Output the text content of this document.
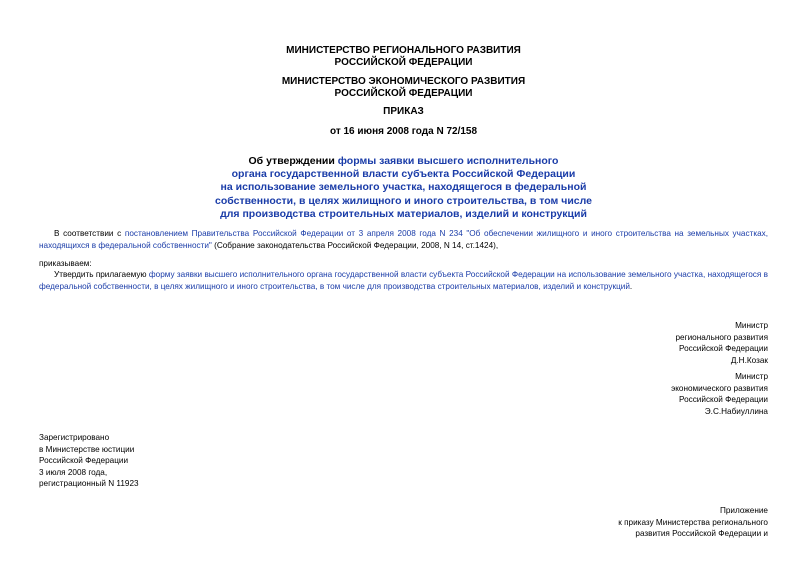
МИНИСТЕРСТВО РЕГИОНАЛЬНОГО РАЗВИТИЯ
РОССИЙСКОЙ ФЕДЕРАЦИИ
МИНИСТЕРСТВО ЭКОНОМИЧЕСКОГО РАЗВИТИЯ
РОССИЙСКОЙ ФЕДЕРАЦИИ
ПРИКАЗ
от 16 июня 2008 года N 72/158
Об утверждении формы заявки высшего исполнительного
органа государственной власти субъекта Российской Федерации
на использование земельного участка, находящегося в федеральной
собственности, в целях жилищного и иного строительства, в том числе
для производства строительных материалов, изделий и конструкций
В соответствии с постановлением Правительства Российской Федерации от 3 апреля 2008 года N 234 "Об обеспечении жилищного и иного строительства на земельных участках, находящихся в федеральной собственности" (Собрание законодательства Российской Федерации, 2008, N 14, ст.1424),
приказываем:
Утвердить прилагаемую форму заявки высшего исполнительного органа государственной власти субъекта Российской Федерации на использование земельного участка, находящегося в федеральной собственности, в целях жилищного и иного строительства, в том числе для производства строительных материалов, изделий и конструкций.
Министр
регионального развития
Российской Федерации
Д.Н.Козак
Министр
экономического развития
Российской Федерации
Э.С.Набиуллина
Зарегистрировано
в Министерстве юстиции
Российской Федерации
3 июля 2008 года,
регистрационный N 11923
Приложение
к приказу Министерства регионального
развития Российской Федерации и
